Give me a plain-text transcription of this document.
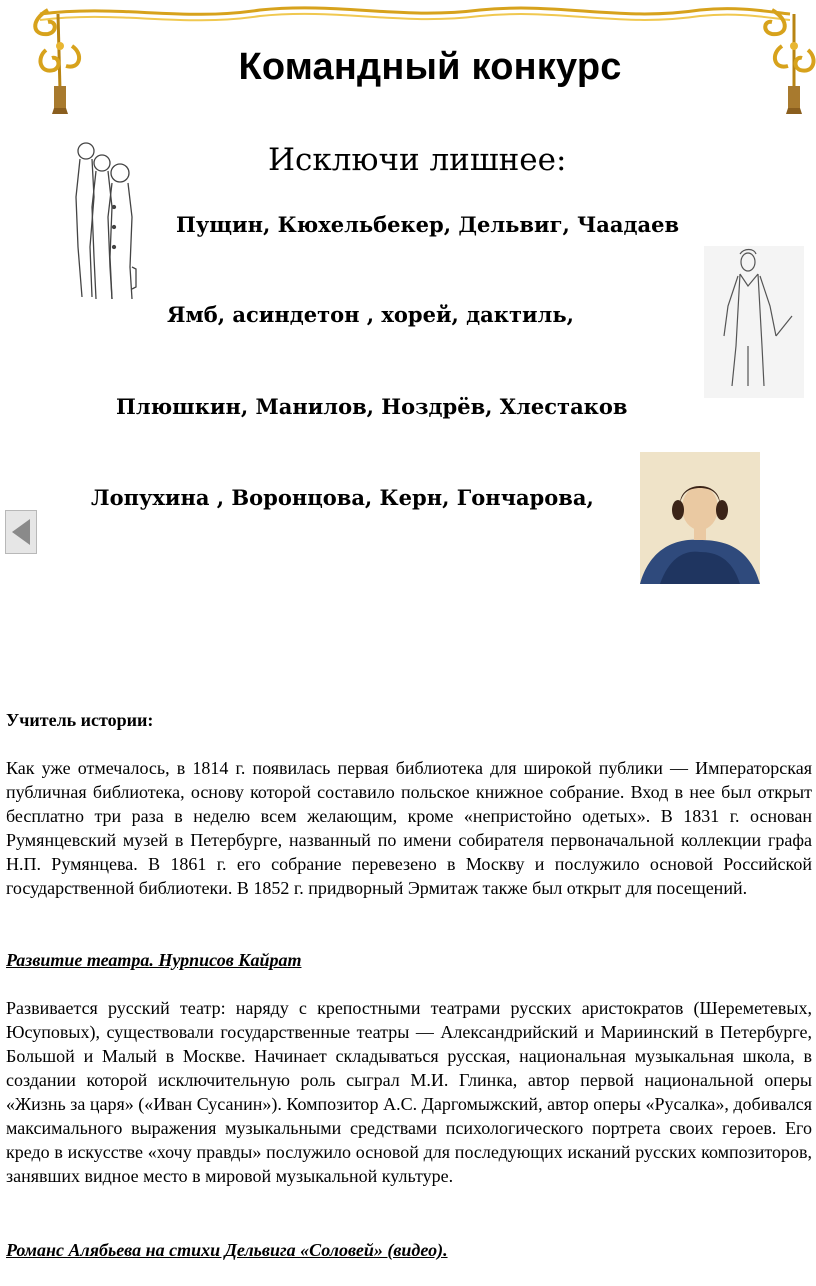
Командный конкурс
Исключи лишнее:
Пущин, Кюхельбекер, Дельвиг, Чаадаев
Ямб, асиндетон , хорей, дактиль,
Плюшкин, Манилов, Ноздрёв, Хлестаков
Лопухина , Воронцова, Керн, Гончарова,
Учитель истории:
Как уже отмечалось, в 1814 г. появилась первая библиотека для широкой публики — Императорская публичная библиотека, основу которой составило польское книжное собрание. Вход в нее был открыт бесплатно три раза в неделю всем желающим, кроме «непристойно одетых». В 1831 г. основан Румянцевский музей в Петербурге, названный по имени собирателя первоначальной коллекции графа Н.П. Румянцева. В 1861 г. его собрание перевезено в Москву и послужило основой Российской государственной библиотеки. В 1852 г. придворный Эрмитаж также был открыт для посещений.
Развитие театра. Нурписов Кайрат
Развивается русский театр: наряду с крепостными театрами русских аристократов (Шереметевых, Юсуповых), существовали государственные театры — Александрийский и Мариинский в Петербурге, Большой и Малый в Москве. Начинает складываться русская, национальная музыкальная школа, в создании которой исключительную роль сыграл М.И. Глинка, автор первой национальной оперы «Жизнь за царя» («Иван Сусанин»). Композитор А.С. Даргомыжский, автор оперы «Русалка», добивался максимального выражения музыкальными средствами психологического портрета своих героев. Его кредо в искусстве «хочу правды» послужило основой для последующих исканий русских композиторов, занявших видное место в мировой музыкальной культуре.
Романс Алябьева на стихи Дельвига «Соловей» (видео).
